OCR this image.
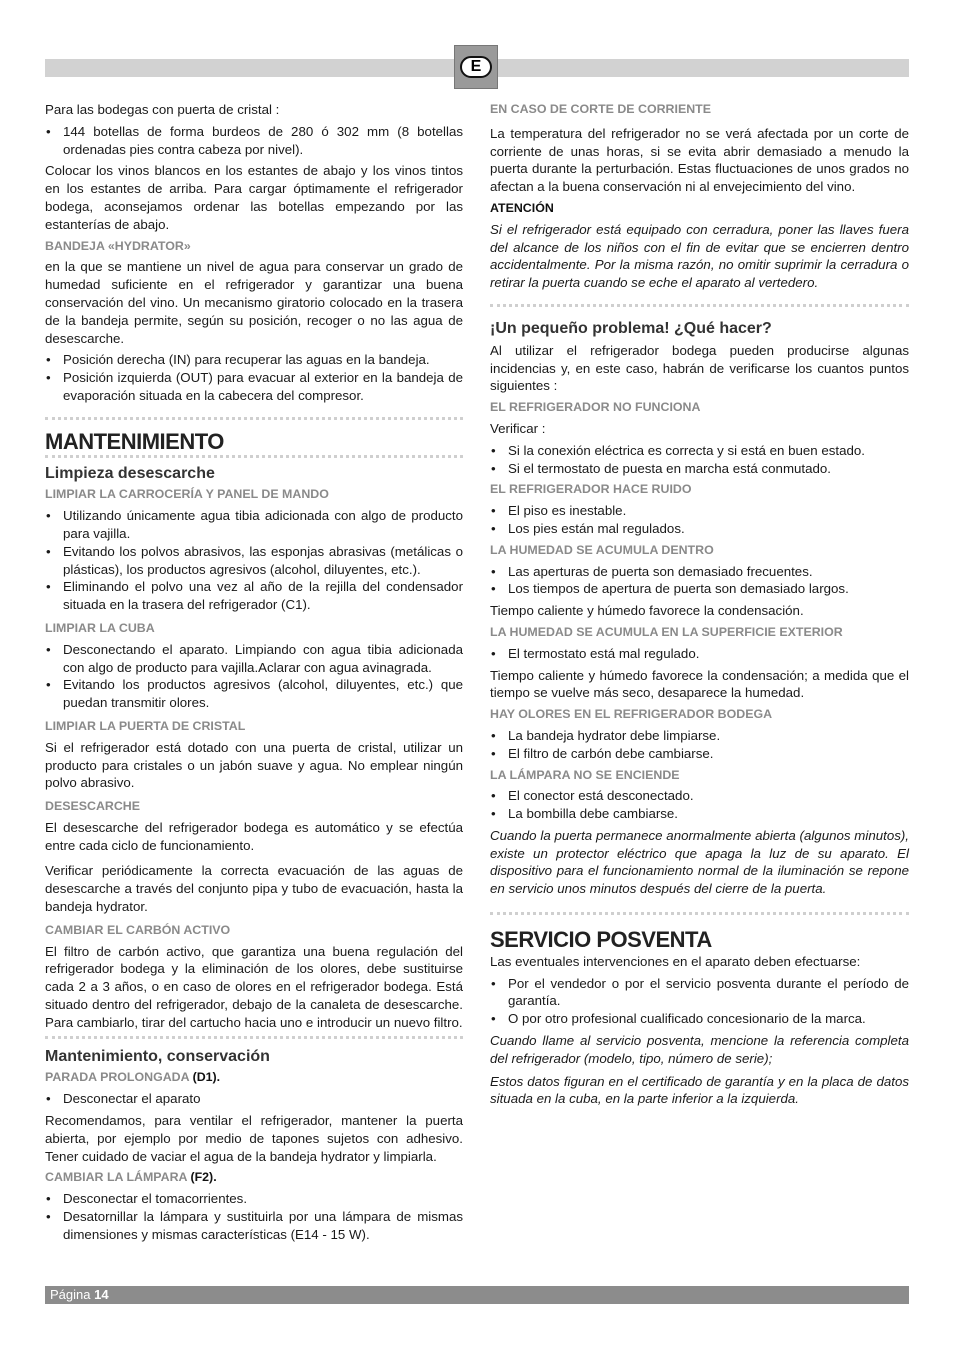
E

Para las bodegas con puerta de cristal :

• 144 botellas de forma burdeos de 280 ó 302 mm (8 botellas ordenadas pies contra cabeza por nivel).

Colocar los vinos blancos en los estantes de abajo y los vinos tintos en los estantes de arriba. Para cargar óptimamente el refrigerador bodega, aconsejamos ordenar las botellas empezando por las estanterías de abajo.

BANDEJA «HYDRATOR»

en la que se mantiene un nivel de agua para conservar un grado de humedad suficiente en el refrigerador y garantizar una buena conservación del vino. Un mecanismo giratorio colocado en la trasera de la bandeja permite, según su posición, recoger o no las agua de desescarche.

• Posición derecha (IN) para recuperar las aguas en la bandeja.
• Posición izquierda (OUT) para evacuar al exterior en la bandeja de evaporación situada en la cabecera del compresor.
MANTENIMIENTO
Limpieza desescarche
LIMPIAR LA CARROCERÍA Y PANEL DE MANDO
• Utilizando únicamente agua tibia adicionada con algo de producto para vajilla.
• Evitando los polvos abrasivos, las esponjas abrasivas (metálicas o plásticas), los productos agresivos (alcohol, diluyentes, etc.).
• Eliminando el polvo una vez al año de la rejilla del condensador situada en la trasera del refrigerador (C1).
LIMPIAR LA CUBA
• Desconectando el aparato. Limpiando con agua tibia adicionada con algo de producto para vajilla.Aclarar con agua avinagrada.
• Evitando los productos agresivos (alcohol, diluyentes, etc.) que puedan transmitir olores.
LIMPIAR LA PUERTA DE CRISTAL

Si el refrigerador está dotado con una puerta de cristal, utilizar un producto para cristales o un jabón suave y agua. No emplear ningún polvo abrasivo.

DESESCARCHE

El desescarche del refrigerador bodega es automático y se efectúa entre cada ciclo de funcionamiento.

Verificar periódicamente la correcta evacuación de las aguas de desescarche a través del conjunto pipa y tubo de evacuación, hasta la bandeja hydrator.

CAMBIAR EL CARBÓN ACTIVO

El filtro de carbón activo, que garantiza una buena regulación del refrigerador bodega y la eliminación de los olores, debe sustituirse cada 2 a 3 años, o en caso de olores en el refrigerador bodega. Está situado dentro del refrigerador, debajo de la canaleta de desescarche. Para cambiarlo, tirar del cartucho hacia uno e introducir un nuevo filtro.

Mantenimiento, conservación
PARADA PROLONGADA (D1).
• Desconectar el aparato

Recomendamos, para ventilar el refrigerador, mantener la puerta abierta, por ejemplo por medio de tapones sujetos con adhesivo. Tener cuidado de vaciar el agua de la bandeja hydrator y limpiarla.

CAMBIAR LA LÁMPARA (F2).
• Desconectar el tomacorrientes.
• Desatornillar la lámpara y sustituirla por una lámpara de mismas dimensiones y mismas características (E14 - 15 W).
EN CASO DE CORTE DE CORRIENTE

La temperatura del refrigerador no se verá afectada por un corte de corriente de unas horas, si se evita abrir demasiado a menudo la puerta durante la perturbación. Estas fluctuaciones de unos grados no afectan a la buena conservación ni al envejecimiento del vino.

ATENCIÓN

Si el refrigerador está equipado con cerradura, poner las llaves fuera del alcance de los niños con el fin de evitar que se encierren dentro accidentalmente. Por la misma razón, no omitir suprimir la cerradura o retirar la puerta cuando se eche el aparato al vertedero.

¡Un pequeño problema! ¿Qué hacer?

Al utilizar el refrigerador bodega pueden producirse algunas incidencias y, en este caso, habrán de verificarse los cuantos puntos siguientes :

EL REFRIGERADOR NO FUNCIONA

Verificar :

• Si la conexión eléctrica es correcta y si está en buen estado.
• Si el termostato de puesta en marcha está conmutado.
EL REFRIGERADOR HACE RUIDO
• El piso es inestable.
• Los pies están mal regulados.
LA HUMEDAD SE ACUMULA DENTRO
• Las aperturas de puerta son demasiado frecuentes.
• Los tiempos de apertura de puerta son demasiado largos.

Tiempo caliente y húmedo favorece la condensación.

LA HUMEDAD SE ACUMULA EN LA SUPERFICIE EXTERIOR
• El termostato está mal regulado.

Tiempo caliente y húmedo favorece la condensación; a medida que el tiempo se vuelve más seco, desaparece la humedad.

HAY OLORES EN EL REFRIGERADOR BODEGA
• La bandeja hydrator debe limpiarse.
• El filtro de carbón debe cambiarse.
LA LÁMPARA NO SE ENCIENDE
• El conector está desconectado.
• La bombilla debe cambiarse.

Cuando la puerta permanece anormalmente abierta (algunos minutos), existe un protector eléctrico que apaga la luz de su aparato. El dispositivo para el funcionamiento normal de la iluminación se repone en servicio unos minutos después del cierre de la puerta.

SERVICIO POSVENTA

Las eventuales intervenciones en el aparato deben efectuarse:

• Por el vendedor o por el servicio posventa durante el período de garantía.
• O por otro profesional cualificado concesionario de la marca.

Cuando llame al servicio posventa, mencione la referencia completa del refrigerador (modelo, tipo, número de serie);

Estos datos figuran en el certificado de garantía y en la placa de datos situada en la cuba, en la parte inferior a la izquierda.

Página 14
